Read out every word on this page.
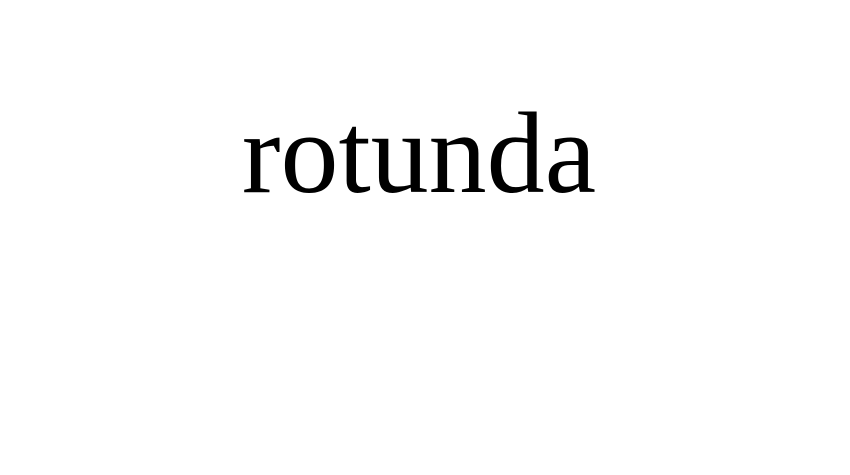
rotunda
